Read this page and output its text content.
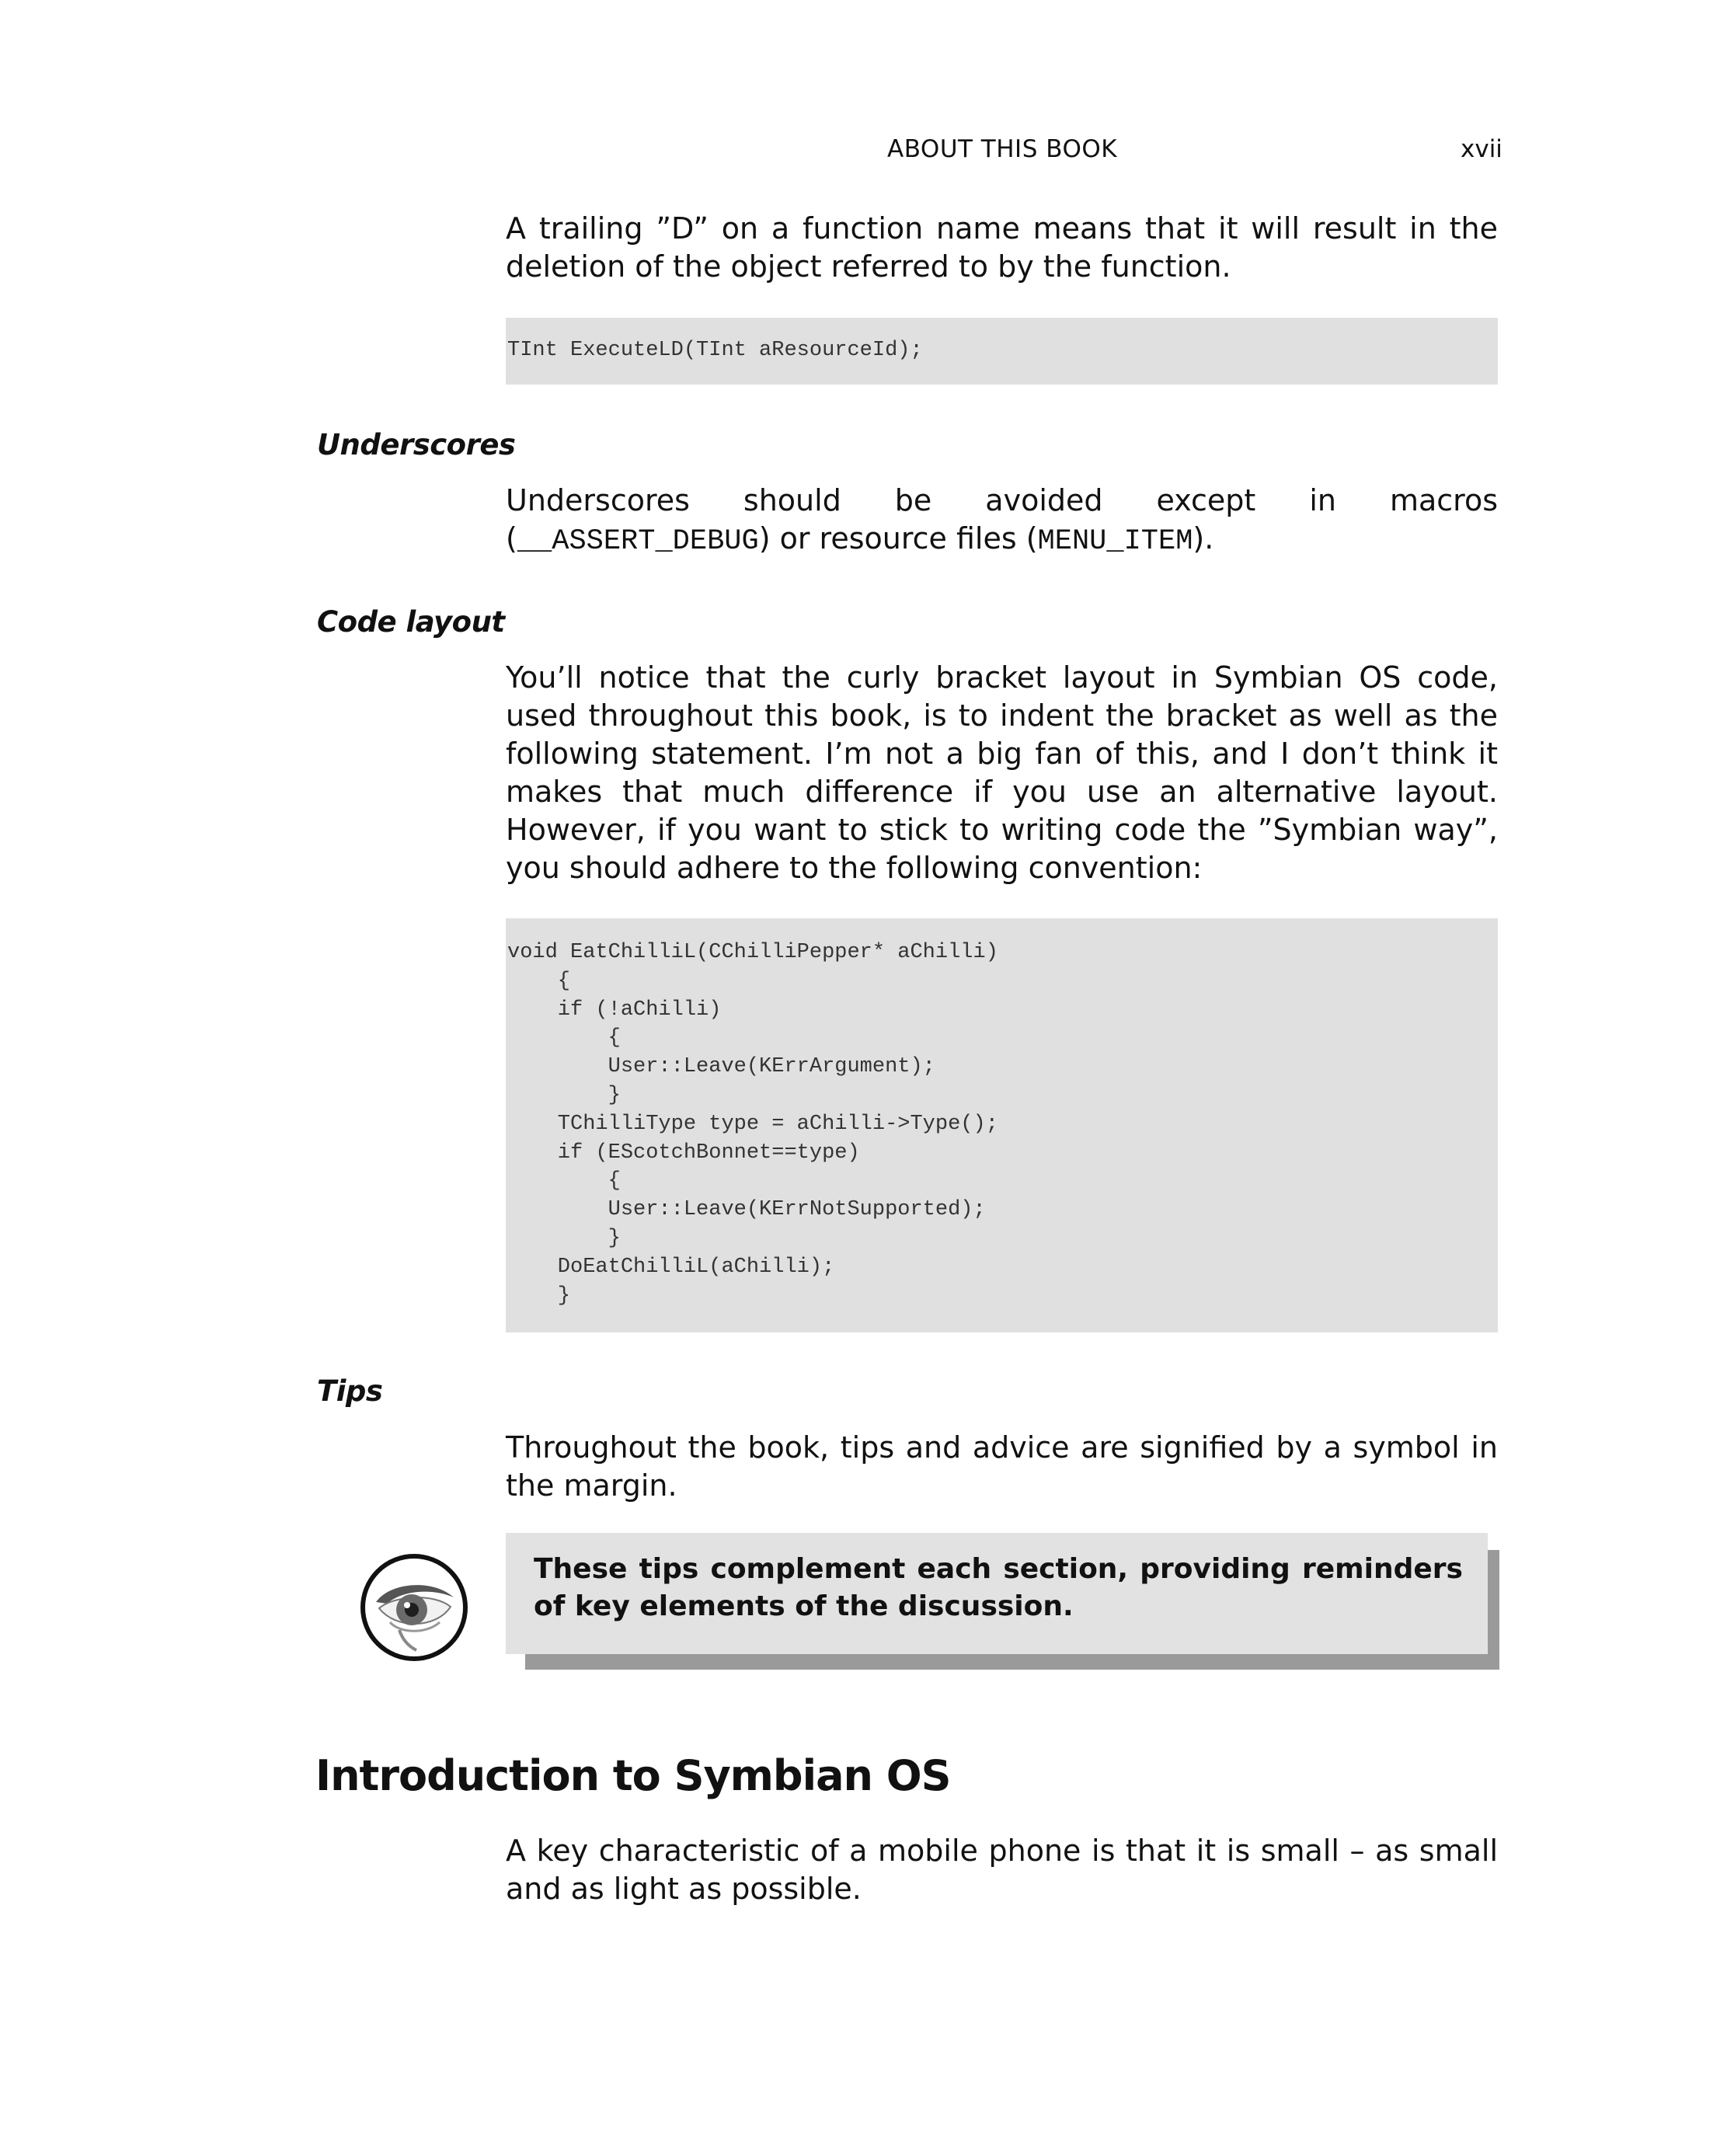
ABOUT THIS BOOK	xvii
A trailing ”D” on a function name means that it will result in the deletion of the object referred to by the function.
TInt ExecuteLD(TInt aResourceId);
Underscores
Underscores should be avoided except in macros (__ASSERT_DEBUG) or resource files (MENU_ITEM).
Code layout
You’ll notice that the curly bracket layout in Symbian OS code, used throughout this book, is to indent the bracket as well as the following statement. I’m not a big fan of this, and I don’t think it makes that much difference if you use an alternative layout. However, if you want to stick to writing code the ”Symbian way”, you should adhere to the following convention:
void EatChilliL(CChilliPepper* aChilli)
{
if (!aChilli)
{
User::Leave(KErrArgument);
}
TChilliType type = aChilli->Type();
if (EScotchBonnet==type)
{
User::Leave(KErrNotSupported);
}
DoEatChilliL(aChilli);
}
Tips
Throughout the book, tips and advice are signified by a symbol in the margin.
These tips complement each section, providing reminders of key elements of the discussion.
Introduction to Symbian OS
A key characteristic of a mobile phone is that it is small – as small and as light as possible.
